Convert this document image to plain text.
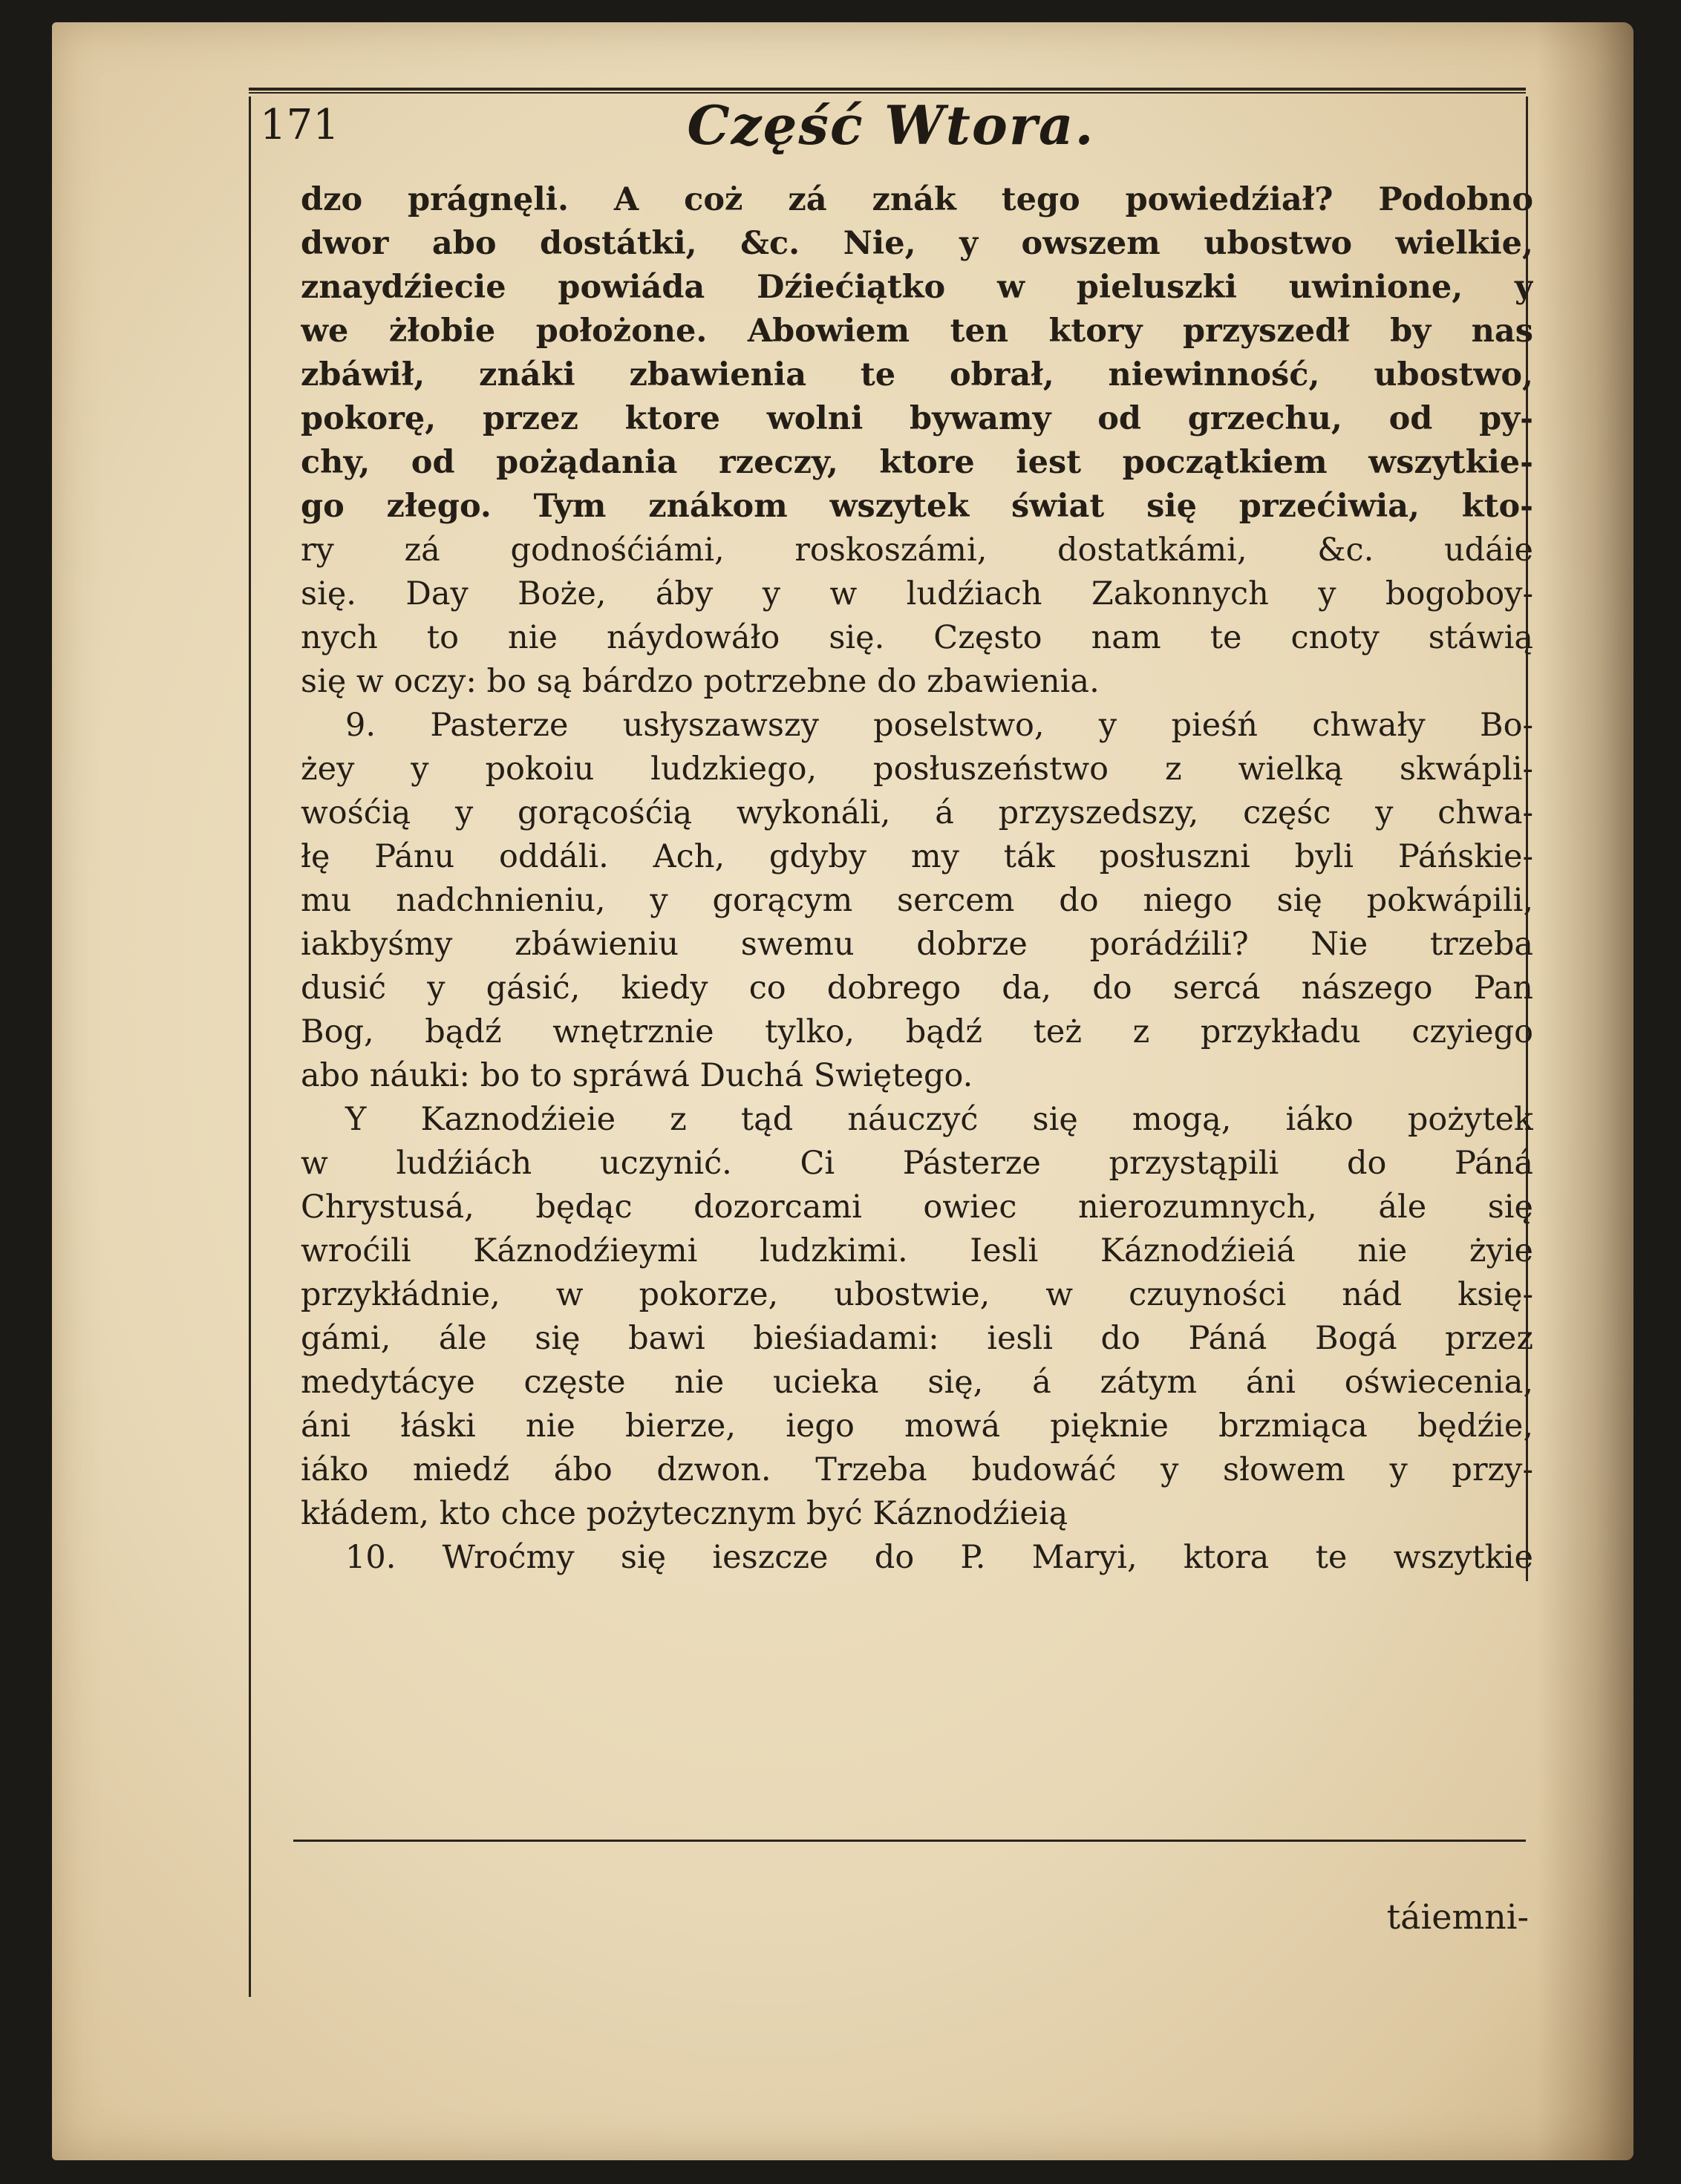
171	Część Wtora.
dzo prágnęli. A coż zá znák tego powiedźiał? Podobno
dwor abo dostátki, &c. Nie, y owszem ubostwo wielkie,
znaydźiecie powiáda Dźiećiątko w pieluszki uwinione, y
we żłobie położone. Abowiem ten ktory przyszedł by nas
zbáwił, znáki zbawienia te obrał, niewinność, ubostwo,
pokorę, przez ktore wolni bywamy od grzechu, od py-
chy, od pożądania rzeczy, ktore iest początkiem wszytkie-
go złego. Tym znákom wszytek świat się przećiwia, kto-
ry zá godnośćiámi, roskoszámi, dostatkámi, &c. udáie
się. Day Boże, áby y w ludźiach Zakonnych y bogoboy-
nych to nie náydowáło się. Często nam te cnoty stáwią
się w oczy: bo są bárdzo potrzebne do zbawienia.
9. Pasterze usłyszawszy poselstwo, y pieśń chwały Bo-
żey y pokoiu ludzkiego, posłuszeństwo z wielką skwápli-
wośćią y gorącośćią wykonáli, á przyszedszy, częśc y chwa-
łę Pánu oddáli. Ach, gdyby my ták posłuszni byli Páńskie-
mu nadchnieniu, y gorącym sercem do niego się pokwápili,
iakbyśmy zbáwieniu swemu dobrze porádźili? Nie trzeba
dusić y gásić, kiedy co dobrego da, do sercá nászego Pan
Bog, bądź wnętrznie tylko, bądź też z przykładu czyiego
abo náuki: bo to spráwá Duchá Swiętego.
Y Kaznodźieie z tąd náuczyć się mogą, iáko pożytek
w ludźiách uczynić. Ci Pásterze przystąpili do Páná
Chrystusá, będąc dozorcami owiec nierozumnych, ále się
wroćili Káznodźieymi ludzkimi. Iesli Káznodźieiá nie żyie
przykłádnie, w pokorze, ubostwie, w czuyności nád księ-
gámi, ále się bawi bieśiadami: iesli do Páná Bogá przez
medytácye częste nie ucieka się, á zátym áni oświecenia,
áni łáski nie bierze, iego mowá pięknie brzmiąca będźie,
iáko miedź ábo dzwon. Trzeba budowáć y słowem y przy-
kłádem, kto chce pożytecznym być Káznodźieią
10. Wroćmy się ieszcze do P. Maryi, ktora te wszytkie
táiemni-
